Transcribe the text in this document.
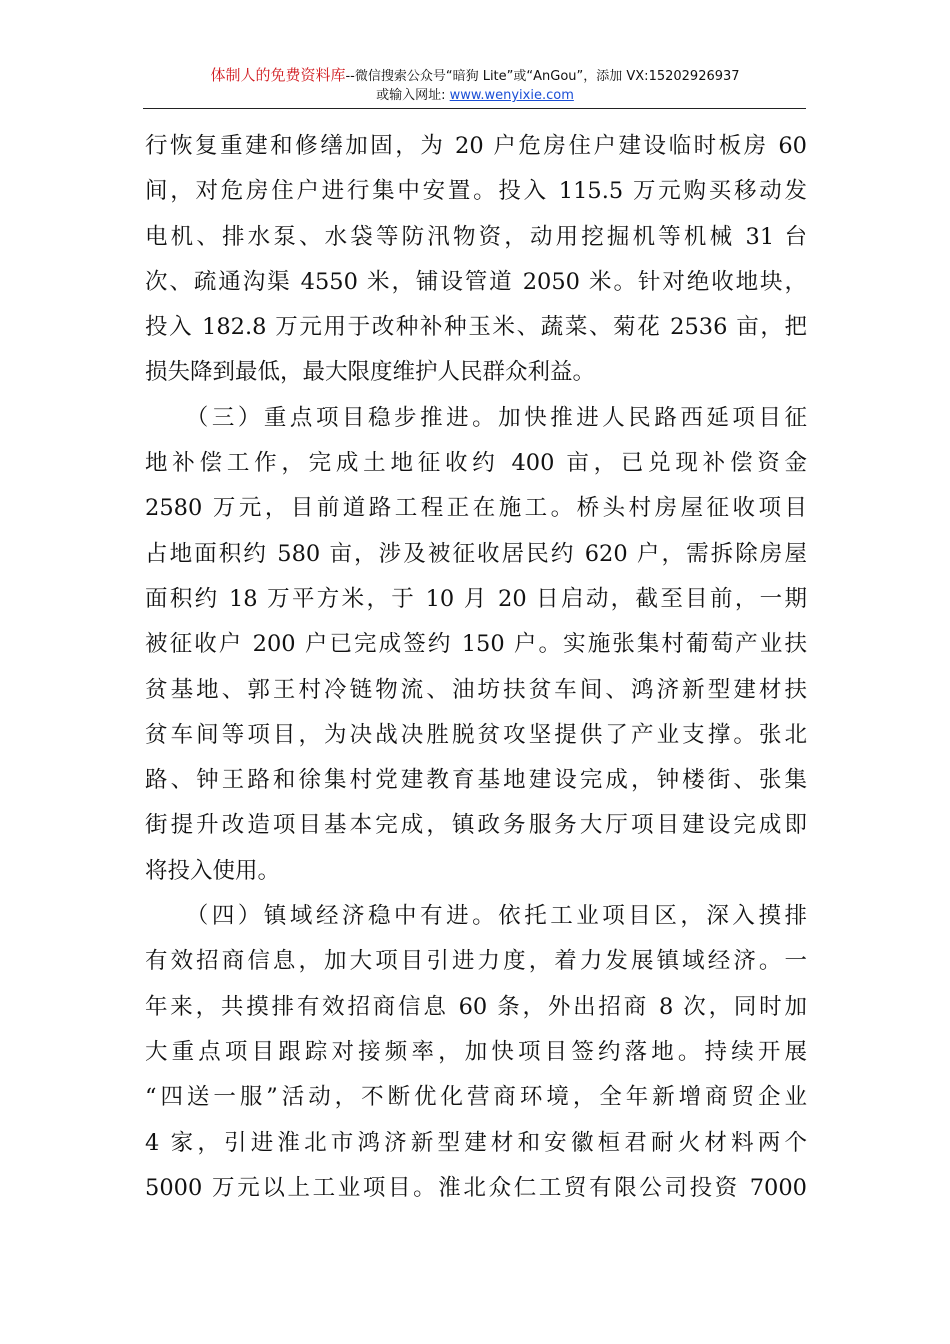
体制人的免费资料库--微信搜索公众号“暗狗 Lite”或“AnGou”，添加 VX:15202926937
或输入网址: www.wenyixie.com
行恢复重建和修缮加固，为 20 户危房住户建设临时板房 60
间，对危房住户进行集中安置。投入 115.5 万元购买移动发
电机、排水泵、水袋等防汛物资，动用挖掘机等机械 31 台
次、疏通沟渠 4550 米，铺设管道 2050 米。针对绝收地块，
投入 182.8 万元用于改种补种玉米、蔬菜、菊花 2536 亩，把
损失降到最低，最大限度维护人民群众利益。
　　（三）重点项目稳步推进。加快推进人民路西延项目征
地补偿工作，完成土地征收约 400 亩，已兑现补偿资金
2580 万元，目前道路工程正在施工。桥头村房屋征收项目
占地面积约 580 亩，涉及被征收居民约 620 户，需拆除房屋
面积约 18 万平方米，于 10 月 20 日启动，截至目前，一期
被征收户 200 户已完成签约 150 户。实施张集村葡萄产业扶
贫基地、郭王村冷链物流、油坊扶贫车间、鸿济新型建材扶
贫车间等项目，为决战决胜脱贫攻坚提供了产业支撑。张北
路、钟王路和徐集村党建教育基地建设完成，钟楼街、张集
街提升改造项目基本完成，镇政务服务大厅项目建设完成即
将投入使用。
　　（四）镇域经济稳中有进。依托工业项目区，深入摸排
有效招商信息，加大项目引进力度，着力发展镇域经济。一
年来，共摸排有效招商信息 60 条，外出招商 8 次，同时加
大重点项目跟踪对接频率，加快项目签约落地。持续开展
“四送一服”活动，不断优化营商环境，全年新增商贸企业
4 家，引进淮北市鸿济新型建材和安徽桓君耐火材料两个
5000 万元以上工业项目。淮北众仁工贸有限公司投资 7000
